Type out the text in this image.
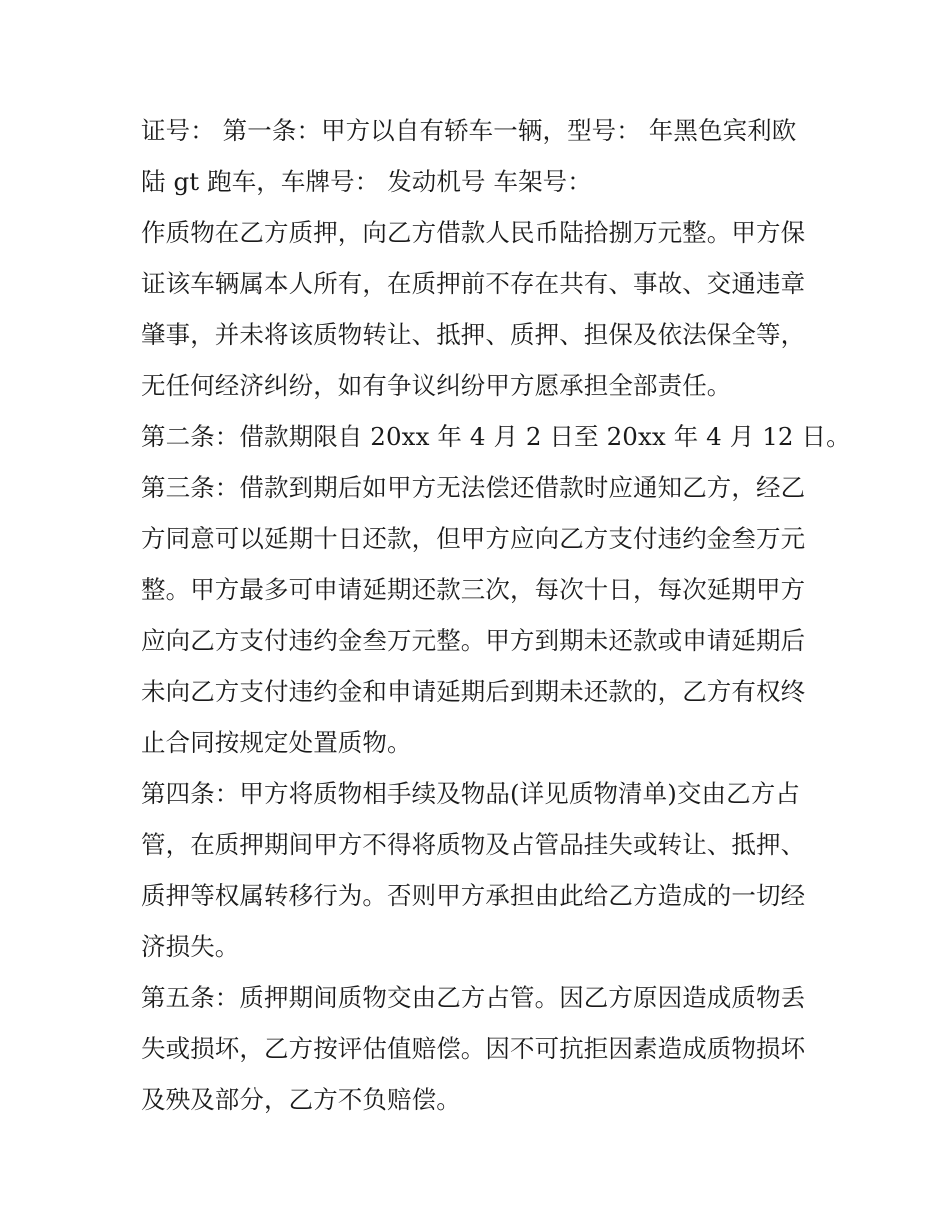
证号： 第一条：甲方以自有轿车一辆，型号： 年黑色宾利欧
陆 gt 跑车，车牌号： 发动机号 车架号：
作质物在乙方质押，向乙方借款人民币陆拾捌万元整。甲方保
证该车辆属本人所有，在质押前不存在共有、事故、交通违章
肇事，并未将该质物转让、抵押、质押、担保及依法保全等，
无任何经济纠纷，如有争议纠纷甲方愿承担全部责任。
第二条：借款期限自 20xx 年 4 月 2 日至 20xx 年 4 月 12 日。
第三条：借款到期后如甲方无法偿还借款时应通知乙方，经乙
方同意可以延期十日还款，但甲方应向乙方支付违约金叁万元
整。甲方最多可申请延期还款三次，每次十日，每次延期甲方
应向乙方支付违约金叁万元整。甲方到期未还款或申请延期后
未向乙方支付违约金和申请延期后到期未还款的，乙方有权终
止合同按规定处置质物。
第四条：甲方将质物相手续及物品(详见质物清单)交由乙方占
管，在质押期间甲方不得将质物及占管品挂失或转让、抵押、
质押等权属转移行为。否则甲方承担由此给乙方造成的一切经
济损失。
第五条：质押期间质物交由乙方占管。因乙方原因造成质物丢
失或损坏，乙方按评估值赔偿。因不可抗拒因素造成质物损坏
及殃及部分，乙方不负赔偿。
